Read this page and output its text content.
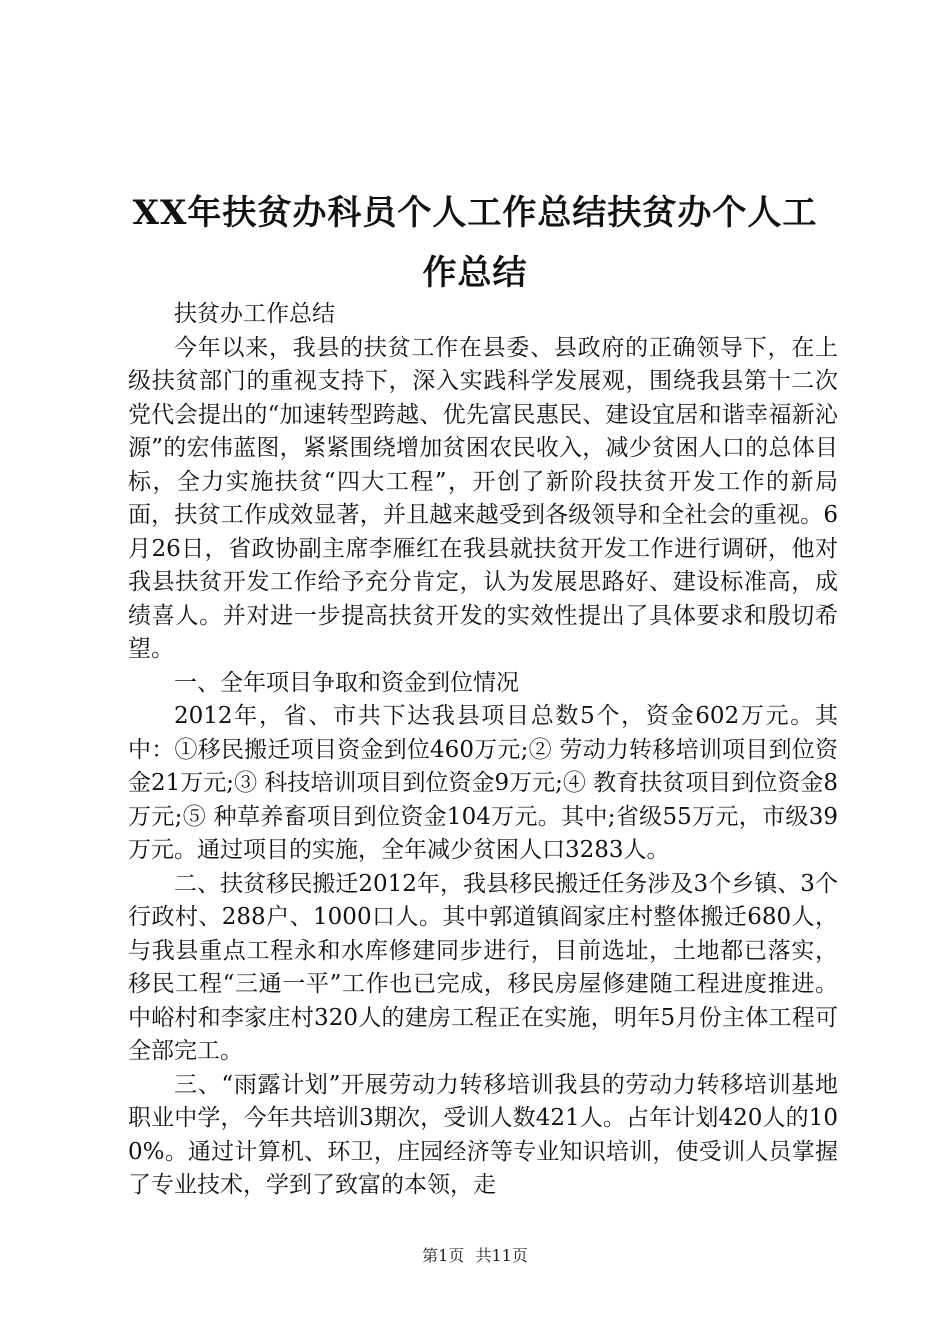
XX年扶贫办科员个人工作总结扶贫办个人工
作总结

扶贫办工作总结

今年以来，我县的扶贫工作在县委、县政府的正确领导下，在上级扶贫部门的重视支持下，深入实践科学发展观，围绕我县第十二次党代会提出的“加速转型跨越、优先富民惠民、建设宜居和谐幸福新沁源”的宏伟蓝图，紧紧围绕增加贫困农民收入，减少贫困人口的总体目标，全力实施扶贫“四大工程”，开创了新阶段扶贫开发工作的新局面，扶贫工作成效显著，并且越来越受到各级领导和全社会的重视。6月26日，省政协副主席李雁红在我县就扶贫开发工作进行调研，他对我县扶贫开发工作给予充分肯定，认为发展思路好、建设标准高，成绩喜人。并对进一步提高扶贫开发的实效性提出了具体要求和殷切希望。

一、全年项目争取和资金到位情况

2012年，省、市共下达我县项目总数5个，资金602万元。其中：①移民搬迁项目资金到位460万元;② 劳动力转移培训项目到位资金21万元;③ 科技培训项目到位资金9万元;④ 教育扶贫项目到位资金8万元;⑤ 种草养畜项目到位资金104万元。其中;省级55万元，市级39万元。通过项目的实施，全年减少贫困人口3283人。

二、扶贫移民搬迁2012年，我县移民搬迁任务涉及3个乡镇、3个行政村、288户、1000口人。其中郭道镇阎家庄村整体搬迁680人，与我县重点工程永和水库修建同步进行，目前选址，土地都已落实，移民工程“三通一平”工作也已完成，移民房屋修建随工程进度推进。中峪村和李家庄村320人的建房工程正在实施，明年5月份主体工程可全部完工。

三、“雨露计划”开展劳动力转移培训我县的劳动力转移培训基地职业中学，今年共培训3期次，受训人数421人。占年计划420人的100%。通过计算机、环卫，庄园经济等专业知识培训，使受训人员掌握了专业技术，学到了致富的本领，走

第1页 共11页
